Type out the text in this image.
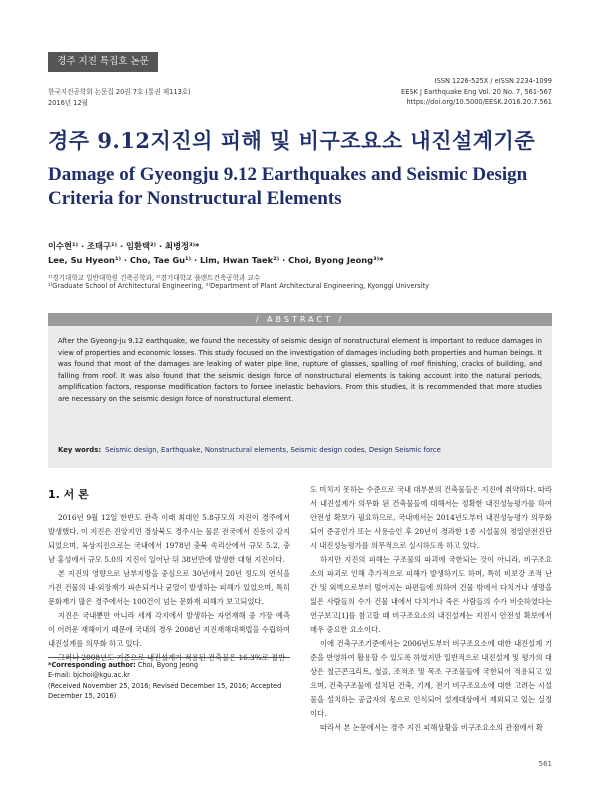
경주 지진 특집호 논문
한국지진공학회 논문집 20권 7호 (통권 제113호)
2016년 12월
ISSN 1226-525X / eISSN 2234-1099
EESK J Earthquake Eng Vol. 20 No. 7, 561-567
https://doi.org/10.5000/EESK.2016.20.7.561
경주 9.12지진의 피해 및 비구조요소 내진설계기준
Damage of Gyeongju 9.12 Earthquakes and Seismic Design Criteria for Nonstructural Elements
이수현¹⁾ · 조태구¹⁾ · 임환택²⁾ · 최병정³⁾*
Lee, Su Hyeon¹⁾ · Cho, Tae Gu¹⁾ · Lim, Hwan Taek²⁾ · Choi, Byong Jeong³⁾*
¹⁾경기대학교 일반대학원 건축공학과, ²⁾경기대학교 플랜트건축공학과 교수
¹⁾Graduate School of Architectural Engineering, ²⁾Department of Plant Architectural Engineering, Kyonggi University
/ ABSTRACT /

After the Gyeong-ju 9.12 earthquake, we found the necessity of seismic design of nonstructural element is important to reduce damages in view of properties and economic losses. This study focused on the investigation of damages including both properties and human beings. It was found that most of the damages are leaking of water pipe line, rupture of glasses, spalling of roof finishing, cracks of building, and falling from roof. It was also found that the seismic design force of nonstructural elements is taking account into the natural periods, amplification factors, response modification factors to forsee inelastic behaviors. From this studies, it is recommended that more studies are necessary on the seismic design force of nonstructural element.

Key words: Seismic design, Earthquake, Nonstructural elements, Seismic design codes, Design Seismic force
1. 서 론

2016년 9월 12일 한반도 관측 이래 최대인 5.8규모의 지진이 경주에서 발생했다. 이 지진은 진앙지인 경상북도 경주시는 물론 전국에서 진동이 감지되었으며, 육상지진으로는 국내에서 1978년 충북 속리산에서 규모 5.2, 충남 홍성에서 규모 5.0의 지진이 일어난 뒤 38년만에 발생한 대형 지진이다.

본 지진의 영향으로 남부지방을 중심으로 30년에서 20년 정도의 연식을 가진 건물의 내·외장재가 파손되거나 균열이 발생하는 피해가 있었으며, 특히 문화재가 많은 경주에서는 100건이 넘는 문화재 피해가 보고되었다.

지진은 국내뿐만 아니라 세계 각지에서 발생하는 자연재해 중 가장 예측이 어려운 재해이기 때문에 국내의 경우 2008년 지진재해대책법을 수립하여 내진설계를 의무화 하고 있다.

그러나 2008년도 기준으로 내진설계가 적용된 건축물은 16.3%로 절반

도 미치지 못하는 수준으로 국내 대부분의 건축물들은 지진에 취약하다. 따라서 내진설계가 의무화 된 건축물들에 대해서는 정확한 내진성능평가를 하여 안전성 확보가 필요하므로, 국내에서는 2014년도부터 내진성능평가 의무화되어 준공인가 또는 사용승인 후 20년이 경과한 1종 시설물의 정밀안전진단 시 내진성능평가를 의무적으로 실시하도록 하고 있다.

하지만 지진의 피해는 구조물의 파괴에 국한되는 것이 아니라, 비구조요소의 파괴로 인해 추가적으로 피해가 발생하기도 하며, 특히 비보강 조적 난간 및 외벽으로부터 떨어지는 파편들에 의하여 건물 밖에서 다치거나 생명을 잃은 사람들의 수가 건물 내에서 다치거나 죽은 사람들의 수가 비슷하였다는 연구보고[1]를 참고할 때 비구조요소의 내진설계는 지진시 안전성 확보에서 매우 중요한 요소이다.

이에 건축구조기준에서는 2006년도부터 비구조요소에 대한 내진설계 기준을 반영하여 활용할 수 있도록 하였지만 일반적으로 내진설계 및 평가의 대상은 철근콘크리트, 철골, 조적조 및 목조 구조물들에 국한되어 적용되고 있으며, 건축구조물에 설치된 건축, 기계, 전기 비구조요소에 대한 고려는 시설물을 설치하는 공급자의 몫으로 인식되어 설계대상에서 제외되고 있는 실정이다.

따라서 본 논문에서는 경주 지진 피해상황을 비구조요소의 관점에서 확

*Corresponding author: Choi, Byong Jeong
E-mail: bjchoi@kgu.ac.kr
(Received November 25, 2016; Revised December 15, 2016; Accepted December 15, 2016)
561
